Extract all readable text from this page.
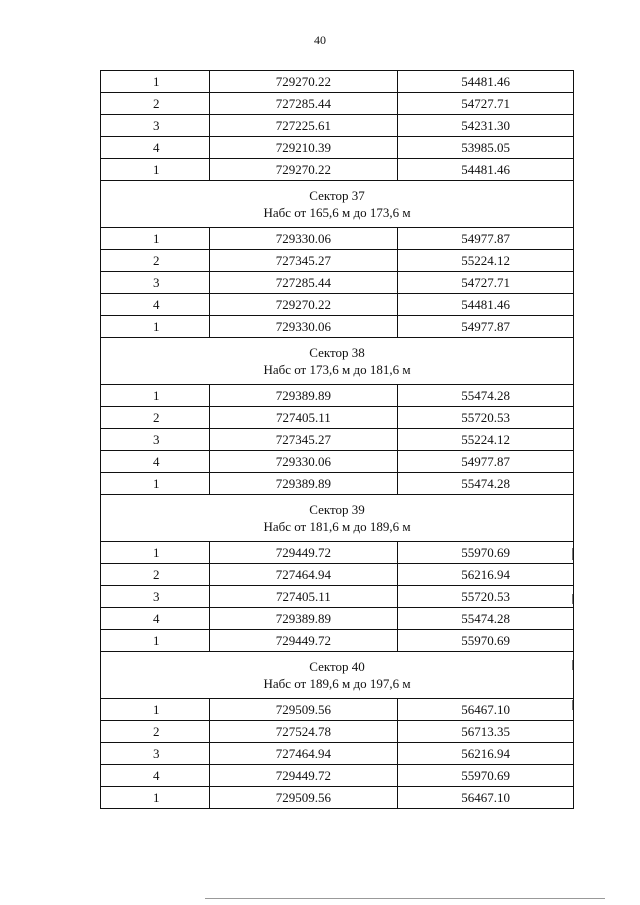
40
1	729270.22	54481.46
2	727285.44	54727.71
3	727225.61	54231.30
4	729210.39	53985.05
1	729270.22	54481.46

Сектор 37
Набс от 165,6 м до 173,6 м		

1	729330.06	54977.87
2	727345.27	55224.12
3	727285.44	54727.71
4	729270.22	54481.46
1	729330.06	54977.87

Сектор 38
Набс от 173,6 м до 181,6 м		

1	729389.89	55474.28
2	727405.11	55720.53
3	727345.27	55224.12
4	729330.06	54977.87
1	729389.89	55474.28

Сектор 39
Набс от 181,6 м до 189,6 м		

1	729449.72	55970.69
2	727464.94	56216.94
3	727405.11	55720.53
4	729389.89	55474.28
1	729449.72	55970.69

Сектор 40
Набс от 189,6 м до 197,6 м		

1	729509.56	56467.10
2	727524.78	56713.35
3	727464.94	56216.94
4	729449.72	55970.69
1	729509.56	56467.10
